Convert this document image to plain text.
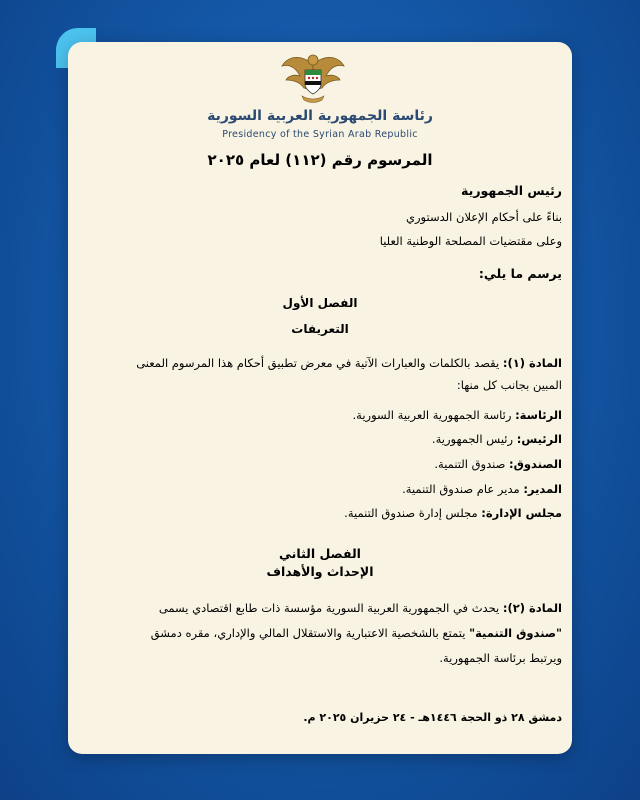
رئاسة الجمهورية العربية السورية
Presidency of the Syrian Arab Republic
المرسوم رقم (١١٢) لعام ٢٠٢٥
رئيس الجمهورية
بناءً على أحكام الإعلان الدستوري
وعلى مقتضيات المصلحة الوطنية العليا
يرسم ما يلي:
الفصل الأول
التعريفات
المادة (١): يقصد بالكلمات والعبارات الآتية في معرض تطبيق أحكام هذا المرسوم المعنى المبين بجانب كل منها:
الرئاسة: رئاسة الجمهورية العربية السورية.
الرئيس: رئيس الجمهورية.
الصندوق: صندوق التنمية.
المدير: مدير عام صندوق التنمية.
مجلس الإدارة: مجلس إدارة صندوق التنمية.
الفصل الثاني
الإحداث والأهداف
المادة (٢): يحدث في الجمهورية العربية السورية مؤسسة ذات طابع اقتصادي يسمى "صندوق التنمية" يتمتع بالشخصية الاعتبارية والاستقلال المالي والإداري، مقره دمشق ويرتبط برئاسة الجمهورية.
دمشق ٢٨ ذو الحجة ١٤٤٦هـ - ٢٤ حزيران ٢٠٢٥ م.
